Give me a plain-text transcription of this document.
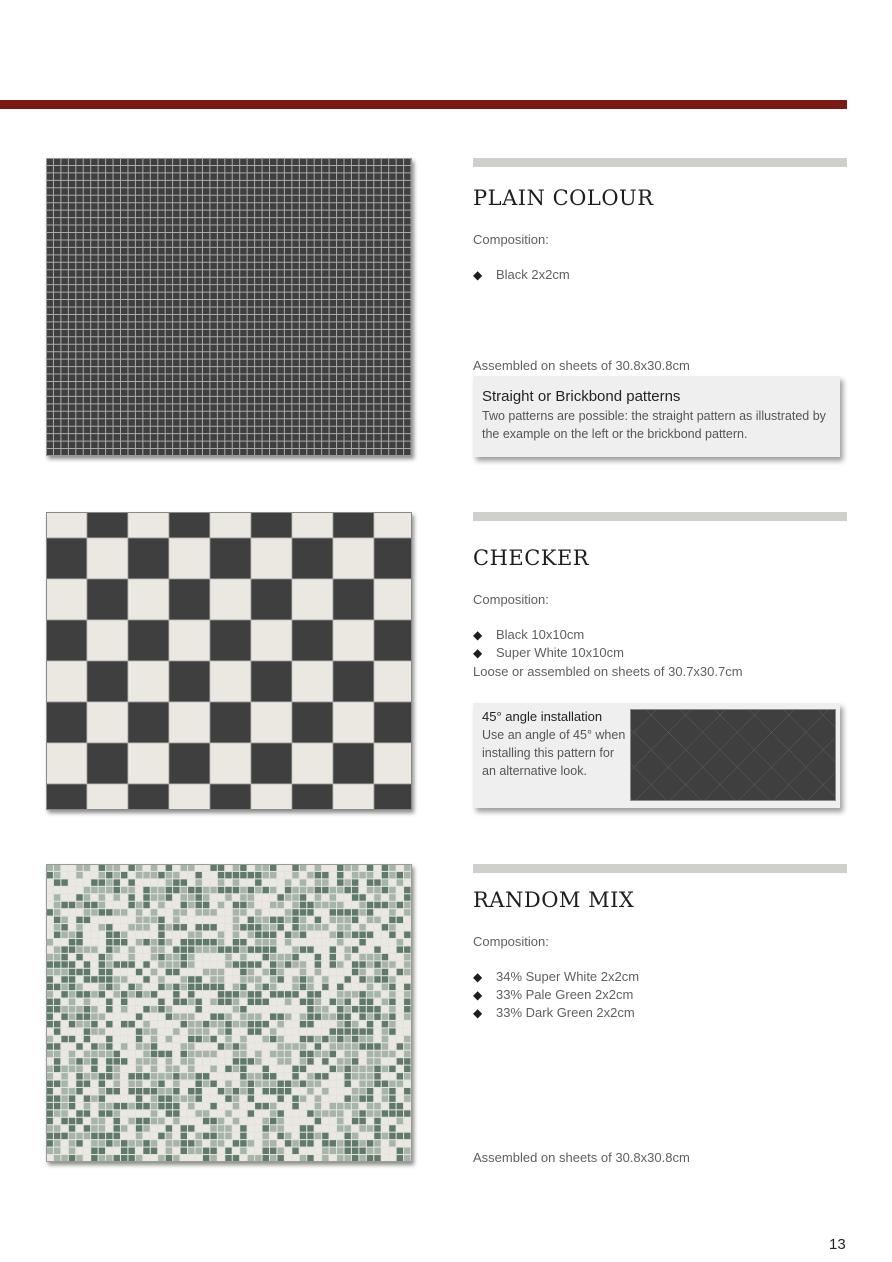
PLAIN COLOUR
Composition:
◆ Black 2x2cm
Assembled on sheets of 30.8x30.8cm
Straight or Brickbond patterns
Two patterns are possible: the straight pattern as illustrated by the example on the left or the brickbond pattern.
CHECKER
Composition:
◆ Black 10x10cm
◆ Super White 10x10cm
Loose or assembled on sheets of 30.7x30.7cm
45° angle installation
Use an angle of 45° when installing this pattern for an alternative look.
RANDOM MIX
Composition:
◆ 34% Super White 2x2cm
◆ 33% Pale Green 2x2cm
◆ 33% Dark Green 2x2cm
Assembled on sheets of 30.8x30.8cm
13
